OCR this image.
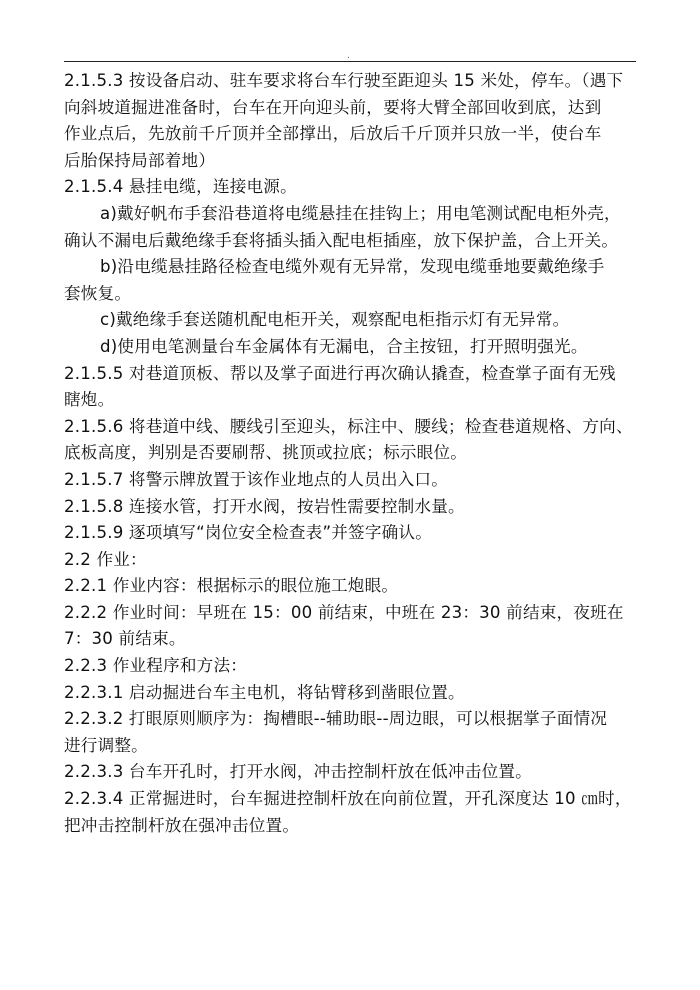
.
2.1.5.3 按设备启动、驻车要求将台车行驶至距迎头 15 米处，停车。（遇下
向斜坡道掘进准备时，台车在开向迎头前，要将大臂全部回收到底，达到
作业点后，先放前千斤顶并全部撑出，后放后千斤顶并只放一半，使台车
后胎保持局部着地）
2.1.5.4 悬挂电缆，连接电源。
a)戴好帆布手套沿巷道将电缆悬挂在挂钩上；用电笔测试配电柜外壳，
确认不漏电后戴绝缘手套将插头插入配电柜插座，放下保护盖，合上开关。
b)沿电缆悬挂路径检查电缆外观有无异常，发现电缆垂地要戴绝缘手
套恢复。
c)戴绝缘手套送随机配电柜开关，观察配电柜指示灯有无异常。
d)使用电笔测量台车金属体有无漏电，合主按钮，打开照明强光。
2.1.5.5 对巷道顶板、帮以及掌子面进行再次确认撬查，检查掌子面有无残
瞎炮。
2.1.5.6 将巷道中线、腰线引至迎头，标注中、腰线；检查巷道规格、方向、
底板高度，判别是否要刷帮、挑顶或拉底；标示眼位。
2.1.5.7 将警示牌放置于该作业地点的人员出入口。
2.1.5.8 连接水管，打开水阀，按岩性需要控制水量。
2.1.5.9 逐项填写“岗位安全检查表”并签字确认。
2.2 作业：
2.2.1 作业内容：根据标示的眼位施工炮眼。
2.2.2 作业时间：早班在 15：00 前结束，中班在 23：30 前结束，夜班在
7：30 前结束。
2.2.3 作业程序和方法：
2.2.3.1 启动掘进台车主电机，将钻臂移到凿眼位置。
2.2.3.2 打眼原则顺序为：掏槽眼--辅助眼--周边眼，可以根据掌子面情况
进行调整。
2.2.3.3 台车开孔时，打开水阀，冲击控制杆放在低冲击位置。
2.2.3.4 正常掘进时，台车掘进控制杆放在向前位置，开孔深度达 10 ㎝时，
把冲击控制杆放在强冲击位置。
